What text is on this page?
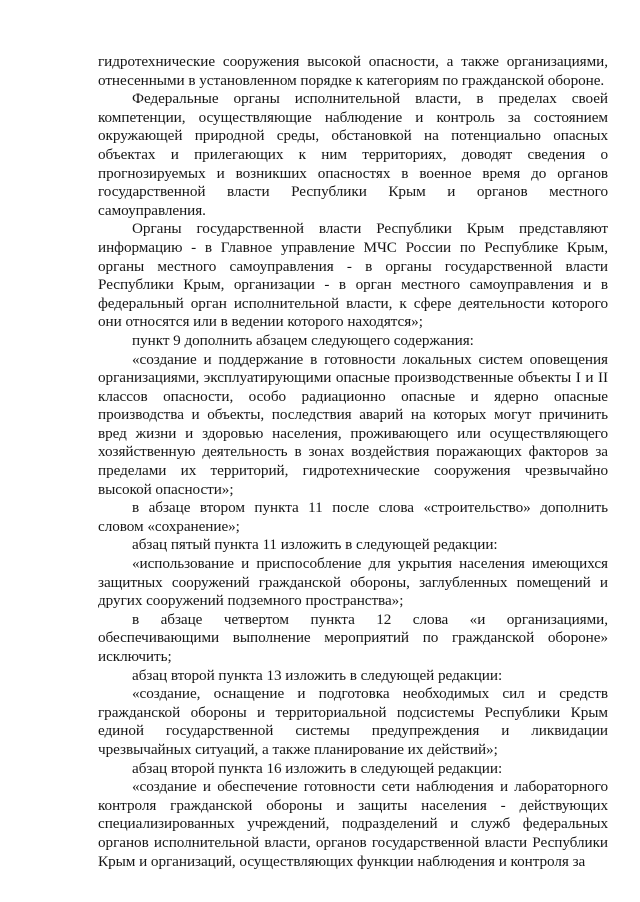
гидротехнические сооружения высокой опасности, а также организациями, отнесенными в установленном порядке к категориям по гражданской обороне.

Федеральные органы исполнительной власти, в пределах своей компетенции, осуществляющие наблюдение и контроль за состоянием окружающей природной среды, обстановкой на потенциально опасных объектах и прилегающих к ним территориях, доводят сведения о прогнозируемых и возникших опасностях в военное время до органов государственной власти Республики Крым и органов местного самоуправления.

Органы государственной власти Республики Крым представляют информацию - в Главное управление МЧС России по Республике Крым, органы местного самоуправления - в органы государственной власти Республики Крым, организации - в орган местного самоуправления и в федеральный орган исполнительной власти, к сфере деятельности которого они относятся или в ведении которого находятся»;

пункт 9 дополнить абзацем следующего содержания:

«создание и поддержание в готовности локальных систем оповещения организациями, эксплуатирующими опасные производственные объекты I и II классов опасности, особо радиационно опасные и ядерно опасные производства и объекты, последствия аварий на которых могут причинить вред жизни и здоровью населения, проживающего или осуществляющего хозяйственную деятельность в зонах воздействия поражающих факторов за пределами их территорий, гидротехнические сооружения чрезвычайно высокой опасности»;

в абзаце втором пункта 11 после слова «строительство» дополнить словом «сохранение»;

абзац пятый пункта 11 изложить в следующей редакции:

«использование и приспособление для укрытия населения имеющихся защитных сооружений гражданской обороны, заглубленных помещений и других сооружений подземного пространства»;

в абзаце четвертом пункта 12 слова «и организациями, обеспечивающими выполнение мероприятий по гражданской обороне» исключить;

абзац второй пункта 13 изложить в следующей редакции:

«создание, оснащение и подготовка необходимых сил и средств гражданской обороны и территориальной подсистемы Республики Крым единой государственной системы предупреждения и ликвидации чрезвычайных ситуаций, а также планирование их действий»;

абзац второй пункта 16 изложить в следующей редакции:

«создание и обеспечение готовности сети наблюдения и лабораторного контроля гражданской обороны и защиты населения - действующих специализированных учреждений, подразделений и служб федеральных органов исполнительной власти, органов государственной власти Республики Крым и организаций, осуществляющих функции наблюдения и контроля за
